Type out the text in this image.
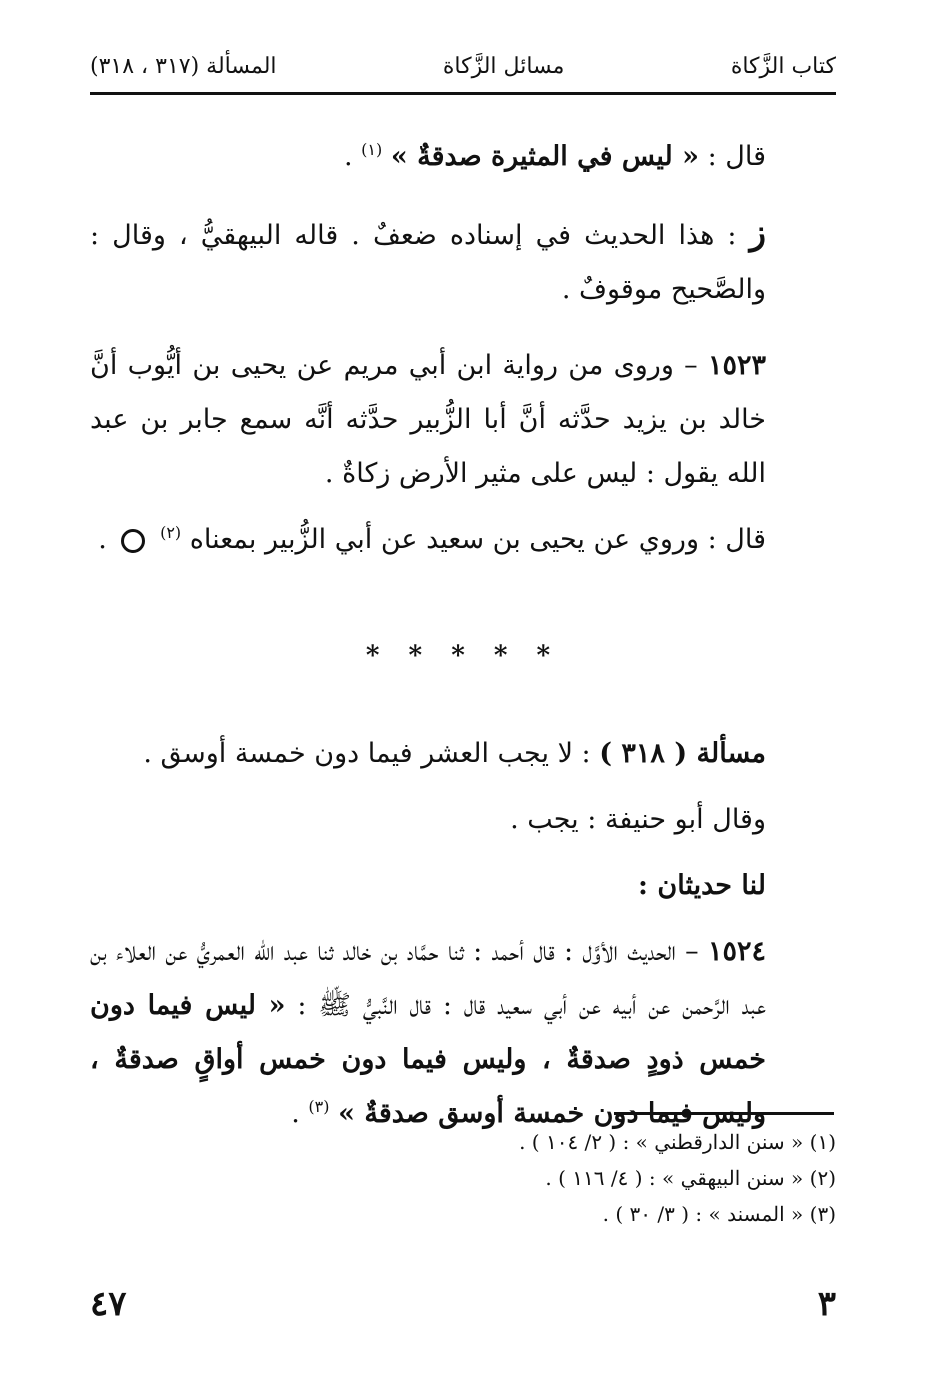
كتاب الزَّكاة
مسائل الزَّكاة
المسألة (٣١٧ ، ٣١٨)

قال : « ليس في المثيرة صدقةٌ » $^{(١)}$ .

ز : هذا الحديث في إسناده ضعفٌ . قاله البيهقيُّ ، وقال : والصَّحيح موقوفٌ .

١٥٢٣ – وروى من رواية ابن أبي مريم عن يحيى بن أيُّوب أنَّ خالد بن يزيد حدَّثه أنَّ أبا الزُّبير حدَّثه أنَّه سمع جابر بن عبد الله يقول : ليس على مثير الأرض زكاةٌ .

قال : وروي عن يحيى بن سعيد عن أبي الزُّبير بمعناه $^{(٢)}$  .

* * * * *

مسألة ( ٣١٨ ) : لا يجب العشر فيما دون خمسة أوسق .

وقال أبو حنيفة : يجب .

لنا حديثان :

١٥٢٤ – الحديث الأوَّل : قال أحمد : ثنا حمَّاد بن خالد ثنا عبد الله العمريُّ عن العلاء بن عبد الرَّحمن عن أبيه عن أبي سعيد قال : قال النَّبيُّ ﷺ : « ليس فيما دون خمس ذودٍ صدقةٌ ، وليس فيما دون خمس أواقٍ صدقةٌ ، وليس فيما دون خمسة أوسق صدقةٌ » $^{(٣)}$ .

(١) « سنن الدارقطني » : ( ٢/ ١٠٤ ) .
(٢) « سنن البيهقي » : ( ٤/ ١١٦ ) .
(٣) « المسند » : ( ٣/ ٣٠ ) .
٣
٤٧
